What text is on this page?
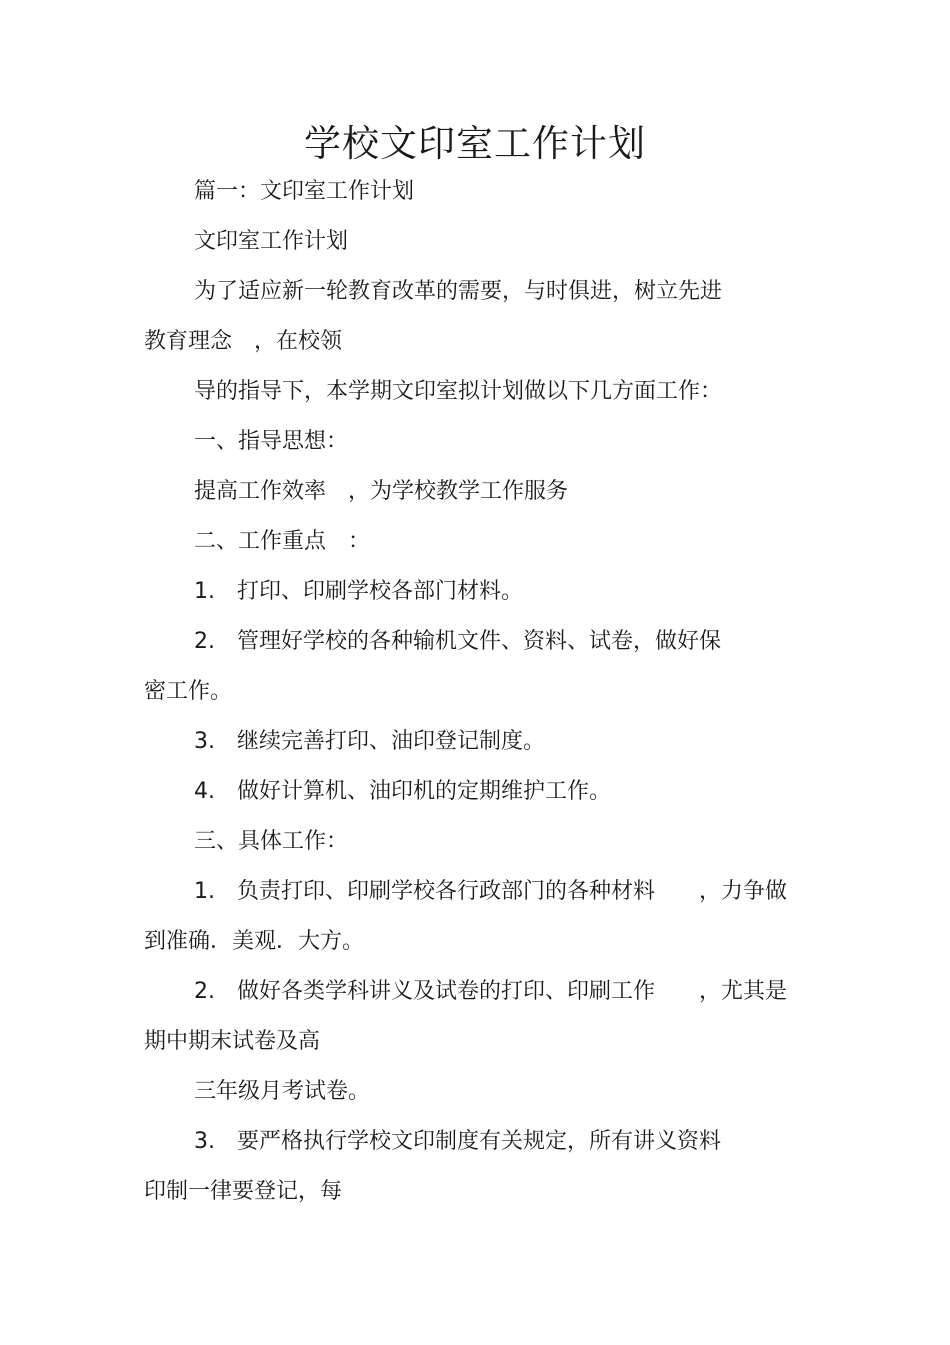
学校文印室工作计划
篇一：文印室工作计划
文印室工作计划
为了适应新一轮教育改革的需要，与时俱进，树立先进
教育理念　，在校领
导的指导下，本学期文印室拟计划做以下几方面工作：
一、指导思想：
提高工作效率　，为学校教学工作服务
二、工作重点　：
1.　打印、印刷学校各部门材料。
2.　管理好学校的各种输机文件、资料、试卷，做好保
密工作。
3.　继续完善打印、油印登记制度。
4.　做好计算机、油印机的定期维护工作。
三、具体工作：
1.　负责打印、印刷学校各行政部门的各种材料　　，力争做
到准确．美观．大方。
2.　做好各类学科讲义及试卷的打印、印刷工作　　，尤其是
期中期末试卷及高
三年级月考试卷。
3.　要严格执行学校文印制度有关规定，所有讲义资料
印制一律要登记，每
